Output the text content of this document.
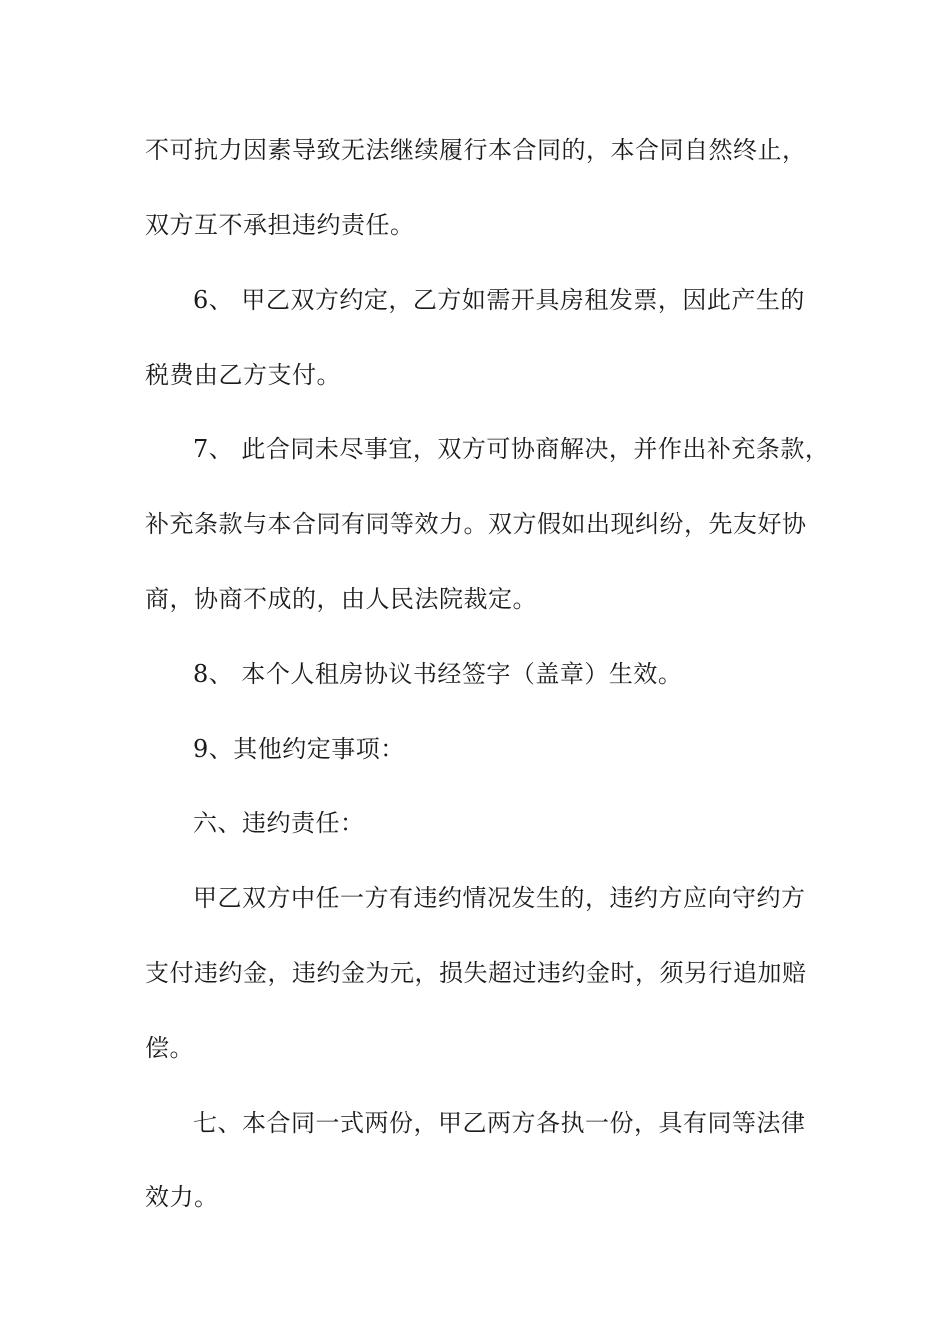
不可抗力因素导致无法继续履行本合同的，本合同自然终止，
双方互不承担违约责任。
6、 甲乙双方约定，乙方如需开具房租发票，因此产生的
税费由乙方支付。
7、 此合同未尽事宜，双方可协商解决，并作出补充条款，
补充条款与本合同有同等效力。双方假如出现纠纷，先友好协
商，协商不成的，由人民法院裁定。
8、 本个人租房协议书经签字（盖章）生效。
9、其他约定事项：
六、违约责任：
甲乙双方中任一方有违约情况发生的，违约方应向守约方
支付违约金，违约金为元，损失超过违约金时，须另行追加赔
偿。
七、本合同一式两份，甲乙两方各执一份，具有同等法律
效力。
